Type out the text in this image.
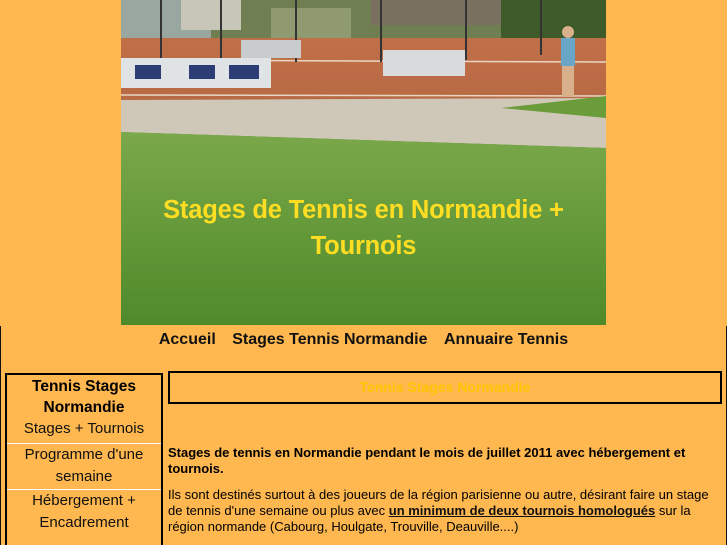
Stages de Tennis en Normandie + Tournois
Accueil Stages Tennis Normandie Annuaire Tennis
Tennis Stages Normandie
Stages + Tournois
Programme d'une semaine
Hébergement + Encadrement
Tennis Stages Normandie

Stages de tennis en Normandie pendant le mois de juillet 2011 avec hébergement et tournois.

Ils sont destinés surtout à des joueurs de la région parisienne ou autre, désirant faire un stage de tennis d'une semaine ou plus avec un minimum de deux tournois homologués sur la région normande (Cabourg, Houlgate, Trouville, Deauville....)
